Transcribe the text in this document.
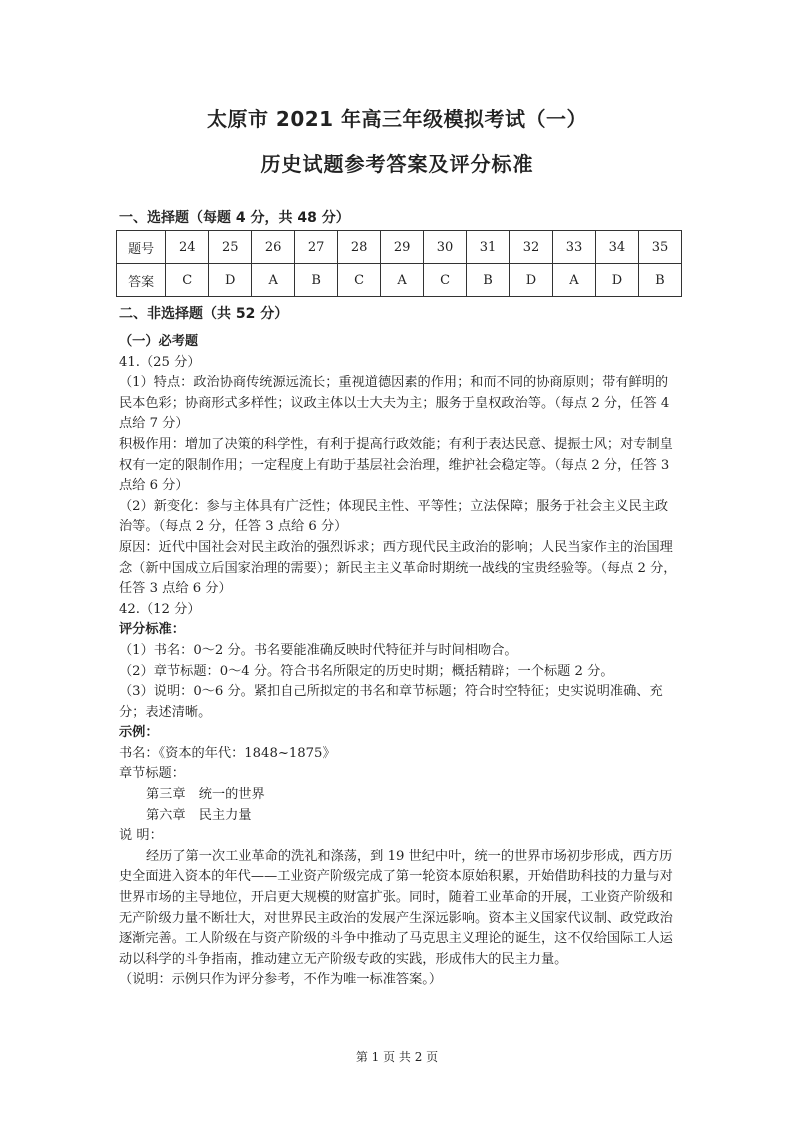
太原市 2021 年高三年级模拟考试（一）
历史试题参考答案及评分标准
一、选择题（每题 4 分，共 48 分）
题号	24	25	26	27	28	29	30	31	32	33	34	35
答案	C	D	A	B	C	A	C	B	D	A	D	B
二、非选择题（共 52 分）

（一）必考题

41.（25 分）

（1）特点：政治协商传统源远流长；重视道德因素的作用；和而不同的协商原则；带有鲜明的民本色彩；协商形式多样性；议政主体以士大夫为主；服务于皇权政治等。（每点 2 分，任答 4 点给 7 分）

积极作用：增加了决策的科学性，有利于提高行政效能；有利于表达民意、提振士风；对专制皇权有一定的限制作用；一定程度上有助于基层社会治理，维护社会稳定等。（每点 2 分，任答 3 点给 6 分）

（2）新变化：参与主体具有广泛性；体现民主性、平等性；立法保障；服务于社会主义民主政治等。（每点 2 分，任答 3 点给 6 分）

原因：近代中国社会对民主政治的强烈诉求；西方现代民主政治的影响；人民当家作主的治国理念（新中国成立后国家治理的需要）；新民主主义革命时期统一战线的宝贵经验等。（每点 2 分，任答 3 点给 6 分）

42.（12 分）

评分标准：

（1）书名：0～2 分。书名要能准确反映时代特征并与时间相吻合。

（2）章节标题：0～4 分。符合书名所限定的历史时期；概括精辟；一个标题 2 分。

（3）说明：0～6 分。紧扣自己所拟定的书名和章节标题；符合时空特征；史实说明准确、充分；表述清晰。

示例：

书名：《资本的年代：1848~1875》

章节标题：

第三章　统一的世界

第六章　民主力量

说 明：

经历了第一次工业革命的洗礼和涤荡，到 19 世纪中叶，统一的世界市场初步形成，西方历史全面进入资本的年代——工业资产阶级完成了第一轮资本原始积累，开始借助科技的力量与对世界市场的主导地位，开启更大规模的财富扩张。同时，随着工业革命的开展，工业资产阶级和无产阶级力量不断壮大，对世界民主政治的发展产生深远影响。资本主义国家代议制、政党政治逐渐完善。工人阶级在与资产阶级的斗争中推动了马克思主义理论的诞生，这不仅给国际工人运动以科学的斗争指南，推动建立无产阶级专政的实践，形成伟大的民主力量。

（说明：示例只作为评分参考，不作为唯一标准答案。）

第 1 页 共 2 页
